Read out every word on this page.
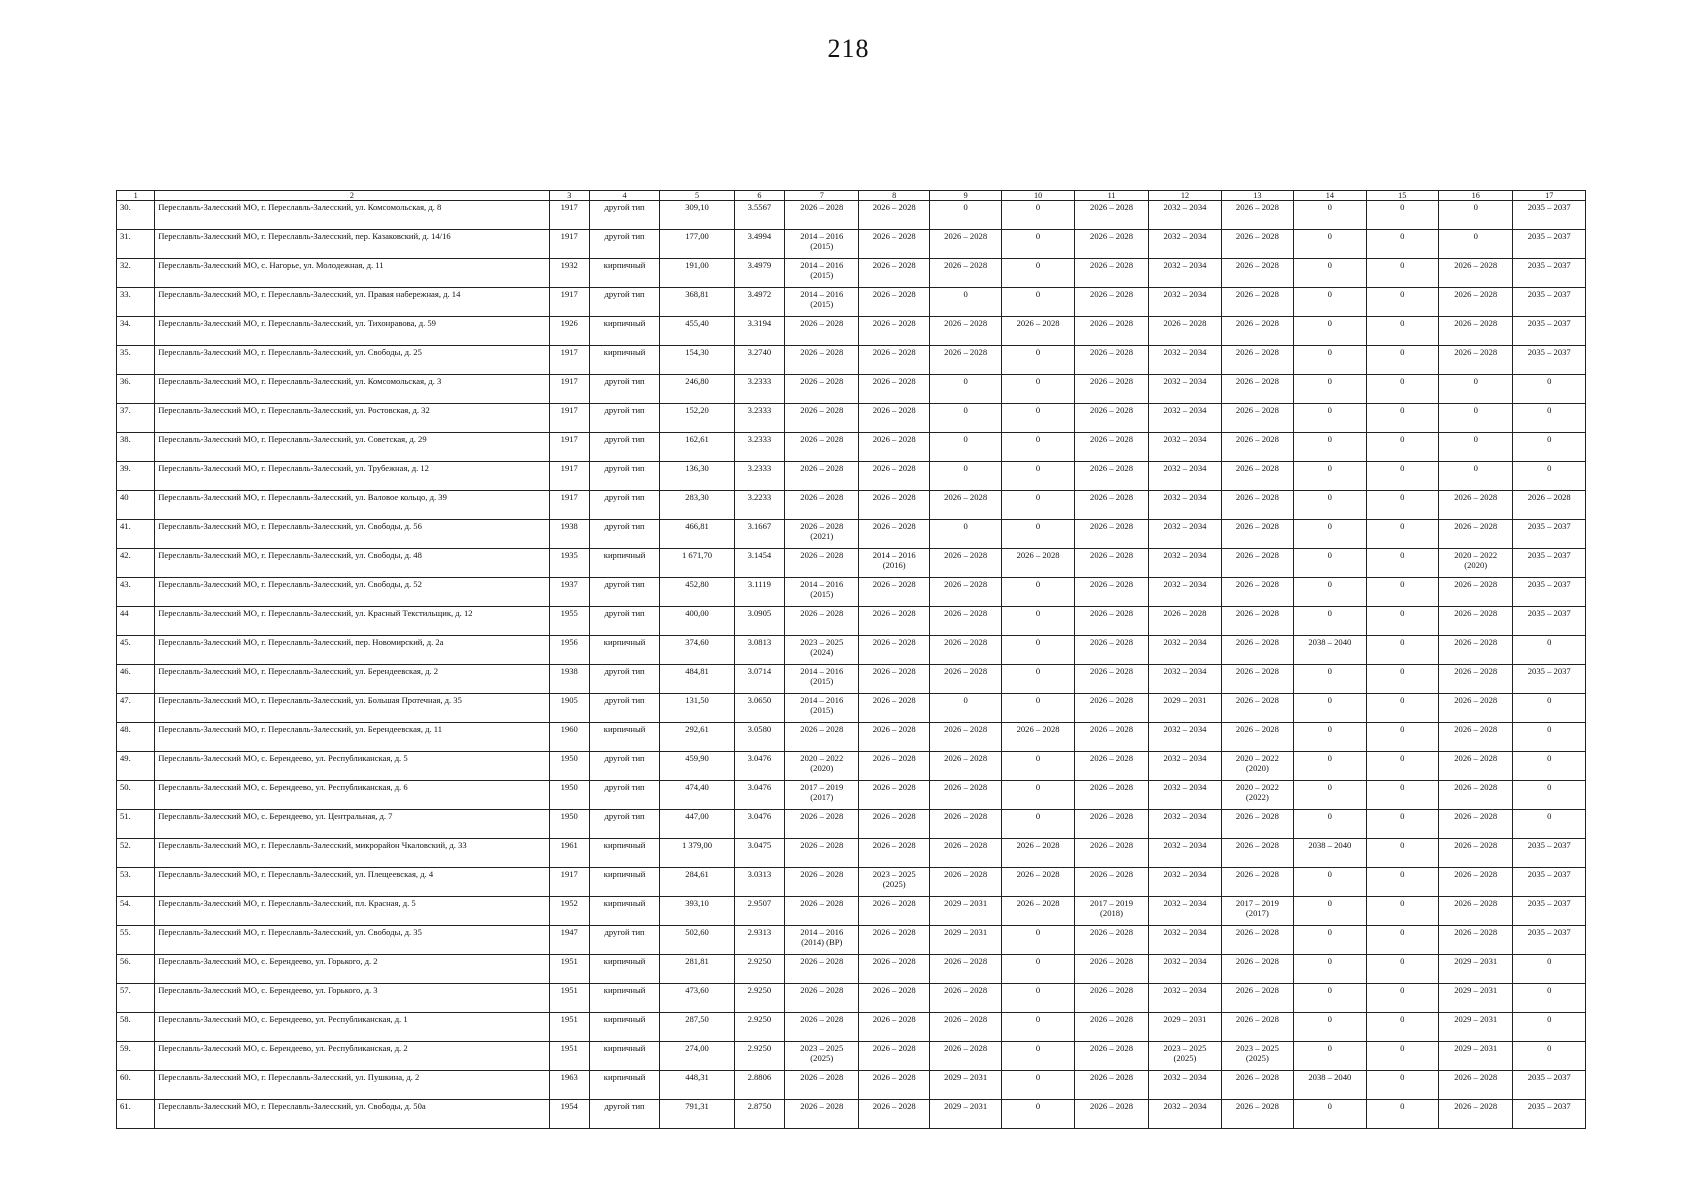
218
1	2	3	4	5	6	7	8	9	10	11	12	13	14	15	16	17

30.	Переславль-Залесский МО, г. Переславль-Залесский, ул. Комсомольская, д. 8	1917	другой тип	309,10	3.5567	2026 – 2028	2026 – 2028	0	0	2026 – 2028	2032 – 2034	2026 – 2028	0	0	0	2035 – 2037

31.	Переславль-Залесский МО, г. Переславль-Залесский, пер. Казаковский, д. 14/16	1917	другой тип	177,00	3.4994	2014 – 2016
(2015)	2026 – 2028	2026 – 2028	0	2026 – 2028	2032 – 2034	2026 – 2028	0	0	0	2035 – 2037

32.	Переславль-Залесский МО, с. Нагорье, ул. Молодежная, д. 11	1932	кирпичный	191,00	3.4979	2014 – 2016
(2015)	2026 – 2028	2026 – 2028	0	2026 – 2028	2032 – 2034	2026 – 2028	0	0	2026 – 2028	2035 – 2037

33.	Переславль-Залесский МО, г. Переславль-Залесский, ул. Правая набережная, д. 14	1917	другой тип	368,81	3.4972	2014 – 2016
(2015)	2026 – 2028	0	0	2026 – 2028	2032 – 2034	2026 – 2028	0	0	2026 – 2028	2035 – 2037

34.	Переславль-Залесский МО, г. Переславль-Залесский, ул. Тихонравова, д. 59	1926	кирпичный	455,40	3.3194	2026 – 2028	2026 – 2028	2026 – 2028	2026 – 2028	2026 – 2028	2026 – 2028	2026 – 2028	0	0	2026 – 2028	2035 – 2037

35.	Переславль-Залесский МО, г. Переславль-Залесский, ул. Свободы, д. 25	1917	кирпичный	154,30	3.2740	2026 – 2028	2026 – 2028	2026 – 2028	0	2026 – 2028	2032 – 2034	2026 – 2028	0	0	2026 – 2028	2035 – 2037

36.	Переславль-Залесский МО, г. Переславль-Залесский, ул. Комсомольская, д. 3	1917	другой тип	246,80	3.2333	2026 – 2028	2026 – 2028	0	0	2026 – 2028	2032 – 2034	2026 – 2028	0	0	0	0

37.	Переславль-Залесский МО, г. Переславль-Залесский, ул. Ростовская, д. 32	1917	другой тип	152,20	3.2333	2026 – 2028	2026 – 2028	0	0	2026 – 2028	2032 – 2034	2026 – 2028	0	0	0	0

38.	Переславль-Залесский МО, г. Переславль-Залесский, ул. Советская, д. 29	1917	другой тип	162,61	3.2333	2026 – 2028	2026 – 2028	0	0	2026 – 2028	2032 – 2034	2026 – 2028	0	0	0	0

39.	Переславль-Залесский МО, г. Переславль-Залесский, ул. Трубежная, д. 12	1917	другой тип	136,30	3.2333	2026 – 2028	2026 – 2028	0	0	2026 – 2028	2032 – 2034	2026 – 2028	0	0	0	0

40	Переславль-Залесский МО, г. Переславль-Залесский, ул. Валовое кольцо, д. 39	1917	другой тип	283,30	3.2233	2026 – 2028	2026 – 2028	2026 – 2028	0	2026 – 2028	2032 – 2034	2026 – 2028	0	0	2026 – 2028	2026 – 2028

41.	Переславль-Залесский МО, г. Переславль-Залесский, ул. Свободы, д. 56	1938	другой тип	466,81	3.1667	2026 – 2028
(2021)	2026 – 2028	0	0	2026 – 2028	2032 – 2034	2026 – 2028	0	0	2026 – 2028	2035 – 2037

42.	Переславль-Залесский МО, г. Переславль-Залесский, ул. Свободы, д. 48	1935	кирпичный	1 671,70	3.1454	2026 – 2028	2014 – 2016
(2016)	2026 – 2028	2026 – 2028	2026 – 2028	2032 – 2034	2026 – 2028	0	0	2020 – 2022
(2020)	2035 – 2037

43.	Переславль-Залесский МО, г. Переславль-Залесский, ул. Свободы, д. 52	1937	другой тип	452,80	3.1119	2014 – 2016
(2015)	2026 – 2028	2026 – 2028	0	2026 – 2028	2032 – 2034	2026 – 2028	0	0	2026 – 2028	2035 – 2037

44	Переславль-Залесский МО, г. Переславль-Залесский, ул. Красный Текстильщик, д. 12	1955	другой тип	400,00	3.0905	2026 – 2028	2026 – 2028	2026 – 2028	0	2026 – 2028	2026 – 2028	2026 – 2028	0	0	2026 – 2028	2035 – 2037

45.	Переславль-Залесский МО, г. Переславль-Залесский, пер. Новомирский, д. 2а	1956	кирпичный	374,60	3.0813	2023 – 2025
(2024)	2026 – 2028	2026 – 2028	0	2026 – 2028	2032 – 2034	2026 – 2028	2038 – 2040	0	2026 – 2028	0

46.	Переславль-Залесский МО, г. Переславль-Залесский, ул. Берендеевская, д. 2	1938	другой тип	484,81	3.0714	2014 – 2016
(2015)	2026 – 2028	2026 – 2028	0	2026 – 2028	2032 – 2034	2026 – 2028	0	0	2026 – 2028	2035 – 2037

47.	Переславль-Залесский МО, г. Переславль-Залесский, ул. Большая Протечная, д. 35	1905	другой тип	131,50	3.0650	2014 – 2016
(2015)	2026 – 2028	0	0	2026 – 2028	2029 – 2031	2026 – 2028	0	0	2026 – 2028	0

48.	Переславль-Залесский МО, г. Переславль-Залесский, ул. Берендеевская, д. 11	1960	кирпичный	292,61	3.0580	2026 – 2028	2026 – 2028	2026 – 2028	2026 – 2028	2026 – 2028	2032 – 2034	2026 – 2028	0	0	2026 – 2028	0

49.	Переславль-Залесский МО, с. Берендеево, ул. Республиканская, д. 5	1950	другой тип	459,90	3.0476	2020 – 2022
(2020)	2026 – 2028	2026 – 2028	0	2026 – 2028	2032 – 2034	2020 – 2022
(2020)	0	0	2026 – 2028	0

50.	Переславль-Залесский МО, с. Берендеево, ул. Республиканская, д. 6	1950	другой тип	474,40	3.0476	2017 – 2019
(2017)	2026 – 2028	2026 – 2028	0	2026 – 2028	2032 – 2034	2020 – 2022
(2022)	0	0	2026 – 2028	0

51.	Переславль-Залесский МО, с. Берендеево, ул. Центральная, д. 7	1950	другой тип	447,00	3.0476	2026 – 2028	2026 – 2028	2026 – 2028	0	2026 – 2028	2032 – 2034	2026 – 2028	0	0	2026 – 2028	0

52.	Переславль-Залесский МО, г. Переславль-Залесский, микрорайон Чкаловский, д. 33	1961	кирпичный	1 379,00	3.0475	2026 – 2028	2026 – 2028	2026 – 2028	2026 – 2028	2026 – 2028	2032 – 2034	2026 – 2028	2038 – 2040	0	2026 – 2028	2035 – 2037

53.	Переславль-Залесский МО, г. Переславль-Залесский, ул. Плещеевская, д. 4	1917	кирпичный	284,61	3.0313	2026 – 2028	2023 – 2025
(2025)	2026 – 2028	2026 – 2028	2026 – 2028	2032 – 2034	2026 – 2028	0	0	2026 – 2028	2035 – 2037

54.	Переславль-Залесский МО, г. Переславль-Залесский, пл. Красная, д. 5	1952	кирпичный	393,10	2.9507	2026 – 2028	2026 – 2028	2029 – 2031	2026 – 2028	2017 – 2019
(2018)	2032 – 2034	2017 – 2019
(2017)	0	0	2026 – 2028	2035 – 2037

55.	Переславль-Залесский МО, г. Переславль-Залесский, ул. Свободы, д. 35	1947	другой тип	502,60	2.9313	2014 – 2016
(2014) (ВР)	2026 – 2028	2029 – 2031	0	2026 – 2028	2032 – 2034	2026 – 2028	0	0	2026 – 2028	2035 – 2037

56.	Переславль-Залесский МО, с. Берендеево, ул. Горького, д. 2	1951	кирпичный	281,81	2.9250	2026 – 2028	2026 – 2028	2026 – 2028	0	2026 – 2028	2032 – 2034	2026 – 2028	0	0	2029 – 2031	0

57.	Переславль-Залесский МО, с. Берендеево, ул. Горького, д. 3	1951	кирпичный	473,60	2.9250	2026 – 2028	2026 – 2028	2026 – 2028	0	2026 – 2028	2032 – 2034	2026 – 2028	0	0	2029 – 2031	0

58.	Переславль-Залесский МО, с. Берендеево, ул. Республиканская, д. 1	1951	кирпичный	287,50	2.9250	2026 – 2028	2026 – 2028	2026 – 2028	0	2026 – 2028	2029 – 2031	2026 – 2028	0	0	2029 – 2031	0

59.	Переславль-Залесский МО, с. Берендеево, ул. Республиканская, д. 2	1951	кирпичный	274,00	2.9250	2023 – 2025
(2025)	2026 – 2028	2026 – 2028	0	2026 – 2028	2023 – 2025
(2025)	2023 – 2025
(2025)	0	0	2029 – 2031	0

60.	Переславль-Залесский МО, г. Переславль-Залесский, ул. Пушкина, д. 2	1963	кирпичный	448,31	2.8806	2026 – 2028	2026 – 2028	2029 – 2031	0	2026 – 2028	2032 – 2034	2026 – 2028	2038 – 2040	0	2026 – 2028	2035 – 2037

61.	Переславль-Залесский МО, г. Переславль-Залесский, ул. Свободы, д. 50а	1954	другой тип	791,31	2.8750	2026 – 2028	2026 – 2028	2029 – 2031	0	2026 – 2028	2032 – 2034	2026 – 2028	0	0	2026 – 2028	2035 – 2037
